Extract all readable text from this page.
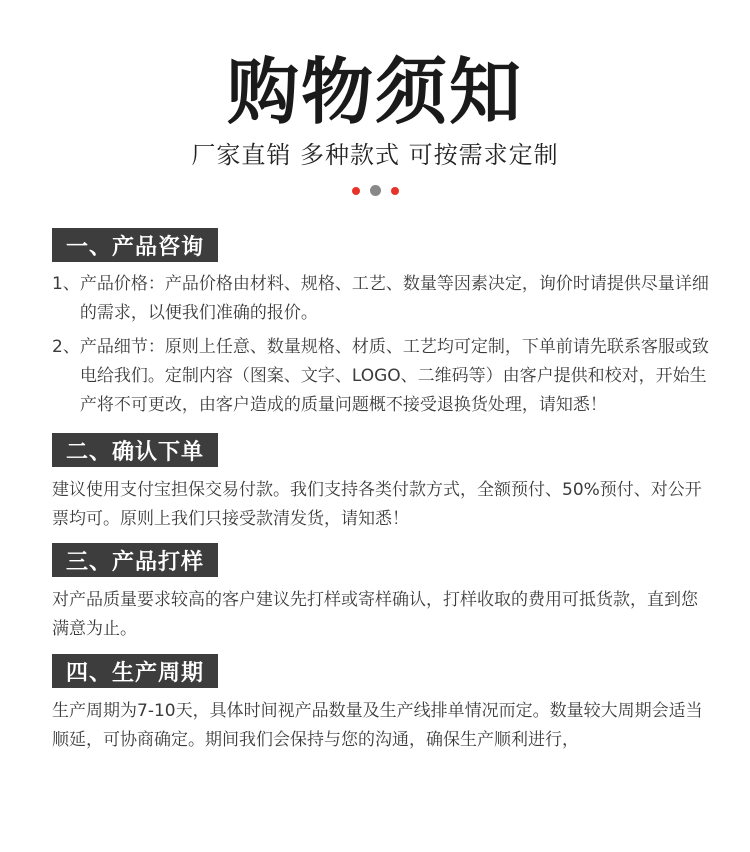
购物须知
厂家直销 多种款式 可按需求定制
一、产品咨询
1、 产品价格：产品价格由材料、规格、工艺、数量等因素决定，询价时请提供尽量详细的需求，以便我们准确的报价。
2、 产品细节：原则上任意、数量规格、材质、工艺均可定制，下单前请先联系客服或致电给我们。定制内容（图案、文字、LOGO、二维码等）由客户提供和校对，开始生产将不可更改，由客户造成的质量问题概不接受退换货处理，请知悉！
二、确认下单

建议使用支付宝担保交易付款。我们支持各类付款方式，全额预付、50%预付、对公开票均可。原则上我们只接受款清发货，请知悉！

三、产品打样

对产品质量要求较高的客户建议先打样或寄样确认，打样收取的费用可抵货款，直到您满意为止。

四、生产周期

生产周期为7-10天，具体时间视产品数量及生产线排单情况而定。数量较大周期会适当顺延，可协商确定。期间我们会保持与您的沟通，确保生产顺利进行，
